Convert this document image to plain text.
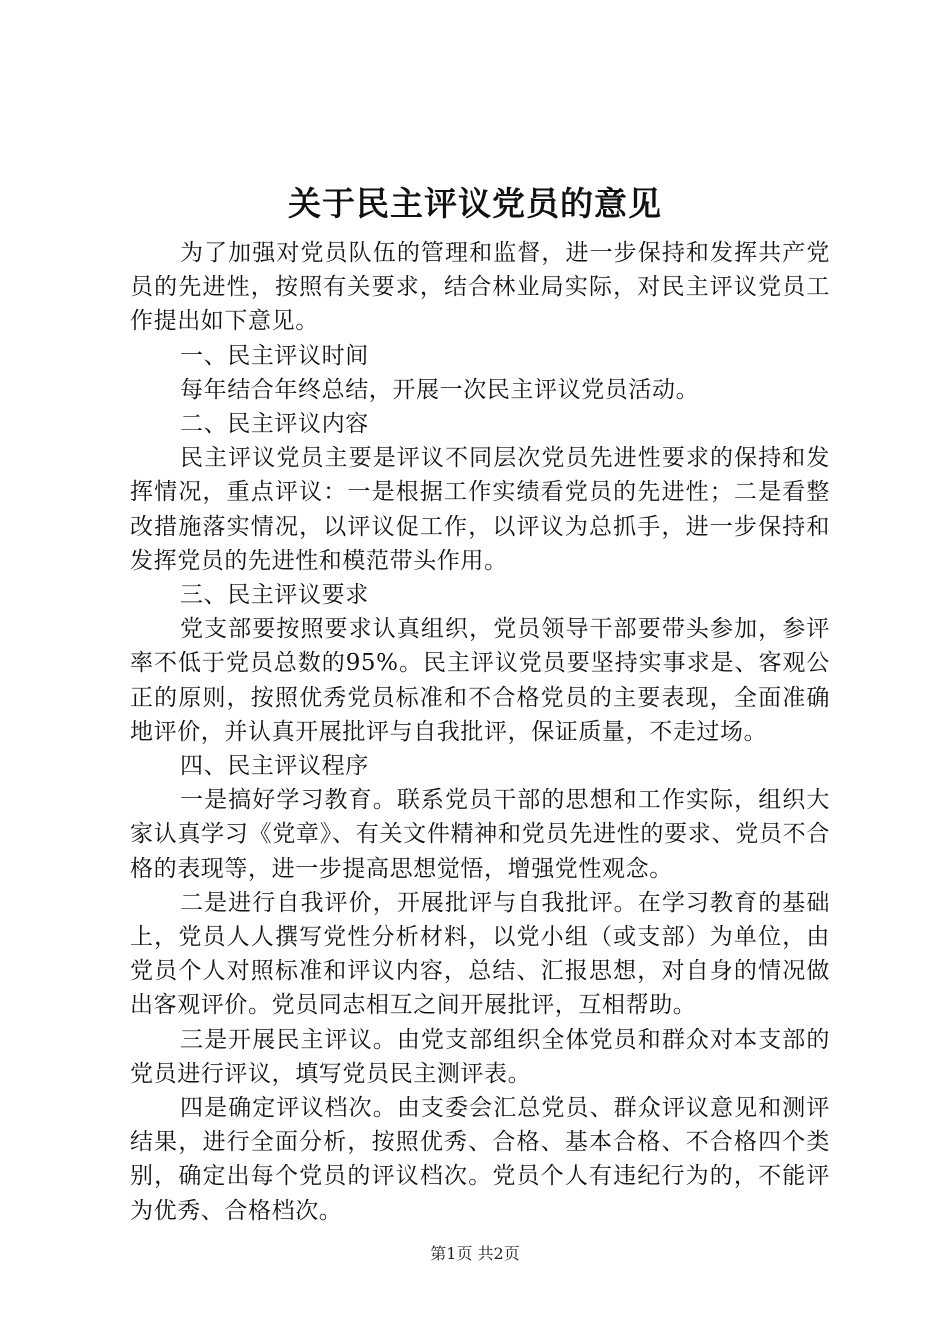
关于民主评议党员的意见

为了加强对党员队伍的管理和监督，进一步保持和发挥共产党员的先进性，按照有关要求，结合林业局实际，对民主评议党员工作提出如下意见。

一、民主评议时间

每年结合年终总结，开展一次民主评议党员活动。

二、民主评议内容

民主评议党员主要是评议不同层次党员先进性要求的保持和发挥情况，重点评议：一是根据工作实绩看党员的先进性；二是看整改措施落实情况，以评议促工作，以评议为总抓手，进一步保持和发挥党员的先进性和模范带头作用。

三、民主评议要求

党支部要按照要求认真组织，党员领导干部要带头参加，参评率不低于党员总数的95%。民主评议党员要坚持实事求是、客观公正的原则，按照优秀党员标准和不合格党员的主要表现，全面准确地评价，并认真开展批评与自我批评，保证质量，不走过场。

四、民主评议程序

一是搞好学习教育。联系党员干部的思想和工作实际，组织大家认真学习《党章》、有关文件精神和党员先进性的要求、党员不合格的表现等，进一步提高思想觉悟，增强党性观念。

二是进行自我评价，开展批评与自我批评。在学习教育的基础上，党员人人撰写党性分析材料，以党小组（或支部）为单位，由党员个人对照标准和评议内容，总结、汇报思想，对自身的情况做出客观评价。党员同志相互之间开展批评，互相帮助。

三是开展民主评议。由党支部组织全体党员和群众对本支部的党员进行评议，填写党员民主测评表。

四是确定评议档次。由支委会汇总党员、群众评议意见和测评结果，进行全面分析，按照优秀、合格、基本合格、不合格四个类别，确定出每个党员的评议档次。党员个人有违纪行为的，不能评为优秀、合格档次。

第1页 共2页
